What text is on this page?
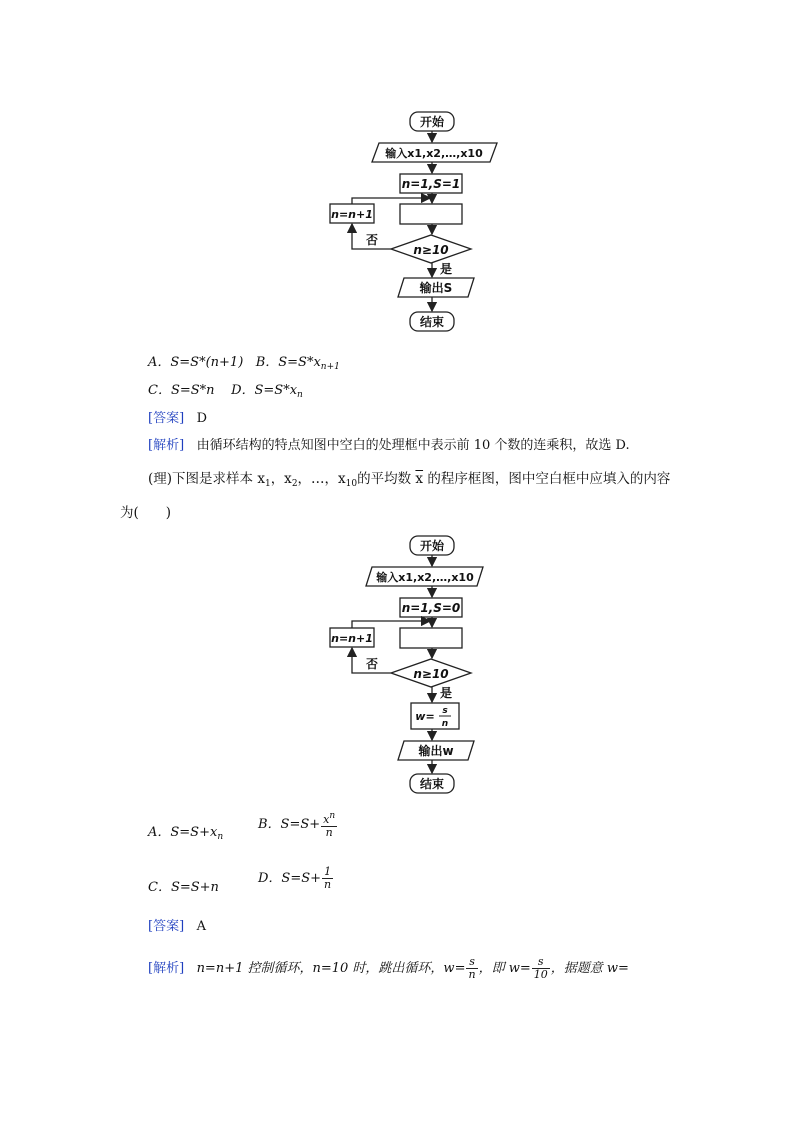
开始
输入x1,x2,…,x10
n=1,S=1
n=n+1
否
n≥10
是
输出S
结束
A．S=S*(n+1) B．$S=S*x_{n+1}$
C．S=S*n D．$S=S*x_n$
[答案] D
[解析] 由循环结构的特点知图中空白的处理框中表示前 10 个数的连乘积，故选 D.
(理)下图是求样本 $x_1$，$x_2$，…，$x_{10}$的平均数 $\overline{x}$ 的程序框图，图中空白框中应填入的内容
为(　　)
开始
输入x1,x2,…,x10
n=1,S=0
n=n+1
否
n≥10
是
w= s
n
输出w
结束
A．$S=S+x_n$
B．$S=S+ \frac{x^n}{n}$
C．S=S+n
D．$S=S+ \frac{1}{n}$
[答案] A
[解析] n=n+1 控制循环，n=10 时，跳出循环，$w= \frac{s}{n}$ ，即 $w= \frac{s}{10}$ ，据题意 w=
